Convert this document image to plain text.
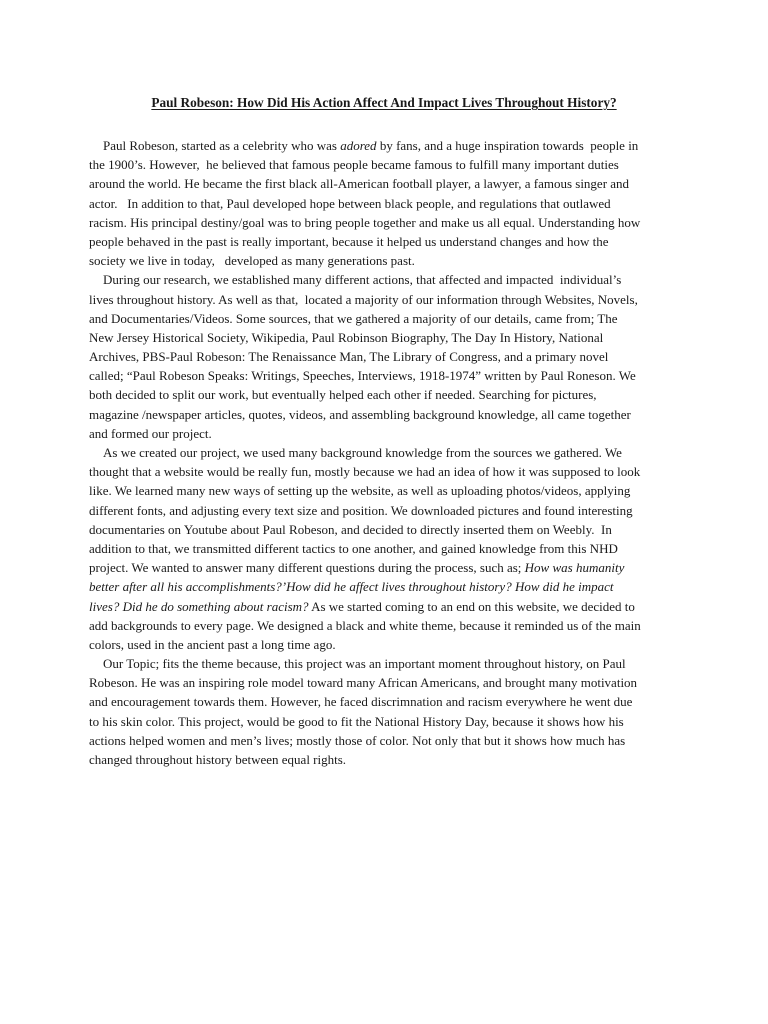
Paul Robeson: How Did His Action Affect And Impact Lives Throughout History?
Paul Robeson, started as a celebrity who was adored by fans, and a huge inspiration towards  people in
the 1900’s. However,  he believed that famous people became famous to fulfill many important duties
around the world. He became the first black all-American football player, a lawyer, a famous singer and
actor.   In addition to that, Paul developed hope between black people, and regulations that outlawed
racism. His principal destiny/goal was to bring people together and make us all equal. Understanding how
people behaved in the past is really important, because it helped us understand changes and how the
society we live in today,   developed as many generations past.
During our research, we established many different actions, that affected and impacted  individual’s
lives throughout history. As well as that,  located a majority of our information through Websites, Novels,
and Documentaries/Videos. Some sources, that we gathered a majority of our details, came from; The
New Jersey Historical Society, Wikipedia, Paul Robinson Biography, The Day In History, National
Archives, PBS-Paul Robeson: The Renaissance Man, The Library of Congress, and a primary novel
called; “Paul Robeson Speaks: Writings, Speeches, Interviews, 1918-1974” written by Paul Roneson. We
both decided to split our work, but eventually helped each other if needed. Searching for pictures,
magazine /newspaper articles, quotes, videos, and assembling background knowledge, all came together
and formed our project.
As we created our project, we used many background knowledge from the sources we gathered. We
thought that a website would be really fun, mostly because we had an idea of how it was supposed to look
like. We learned many new ways of setting up the website, as well as uploading photos/videos, applying
different fonts, and adjusting every text size and position. We downloaded pictures and found interesting
documentaries on Youtube about Paul Robeson, and decided to directly inserted them on Weebly.  In
addition to that, we transmitted different tactics to one another, and gained knowledge from this NHD
project. We wanted to answer many different questions during the process, such as; How was humanity
better after all his accomplishments?’How did he affect lives throughout history? How did he impact
lives? Did he do something about racism? As we started coming to an end on this website, we decided to
add backgrounds to every page. We designed a black and white theme, because it reminded us of the main
colors, used in the ancient past a long time ago.
Our Topic; fits the theme because, this project was an important moment throughout history, on Paul
Robeson. He was an inspiring role model toward many African Americans, and brought many motivation
and encouragement towards them. However, he faced discrimnation and racism everywhere he went due
to his skin color. This project, would be good to fit the National History Day, because it shows how his
actions helped women and men’s lives; mostly those of color. Not only that but it shows how much has
changed throughout history between equal rights.
